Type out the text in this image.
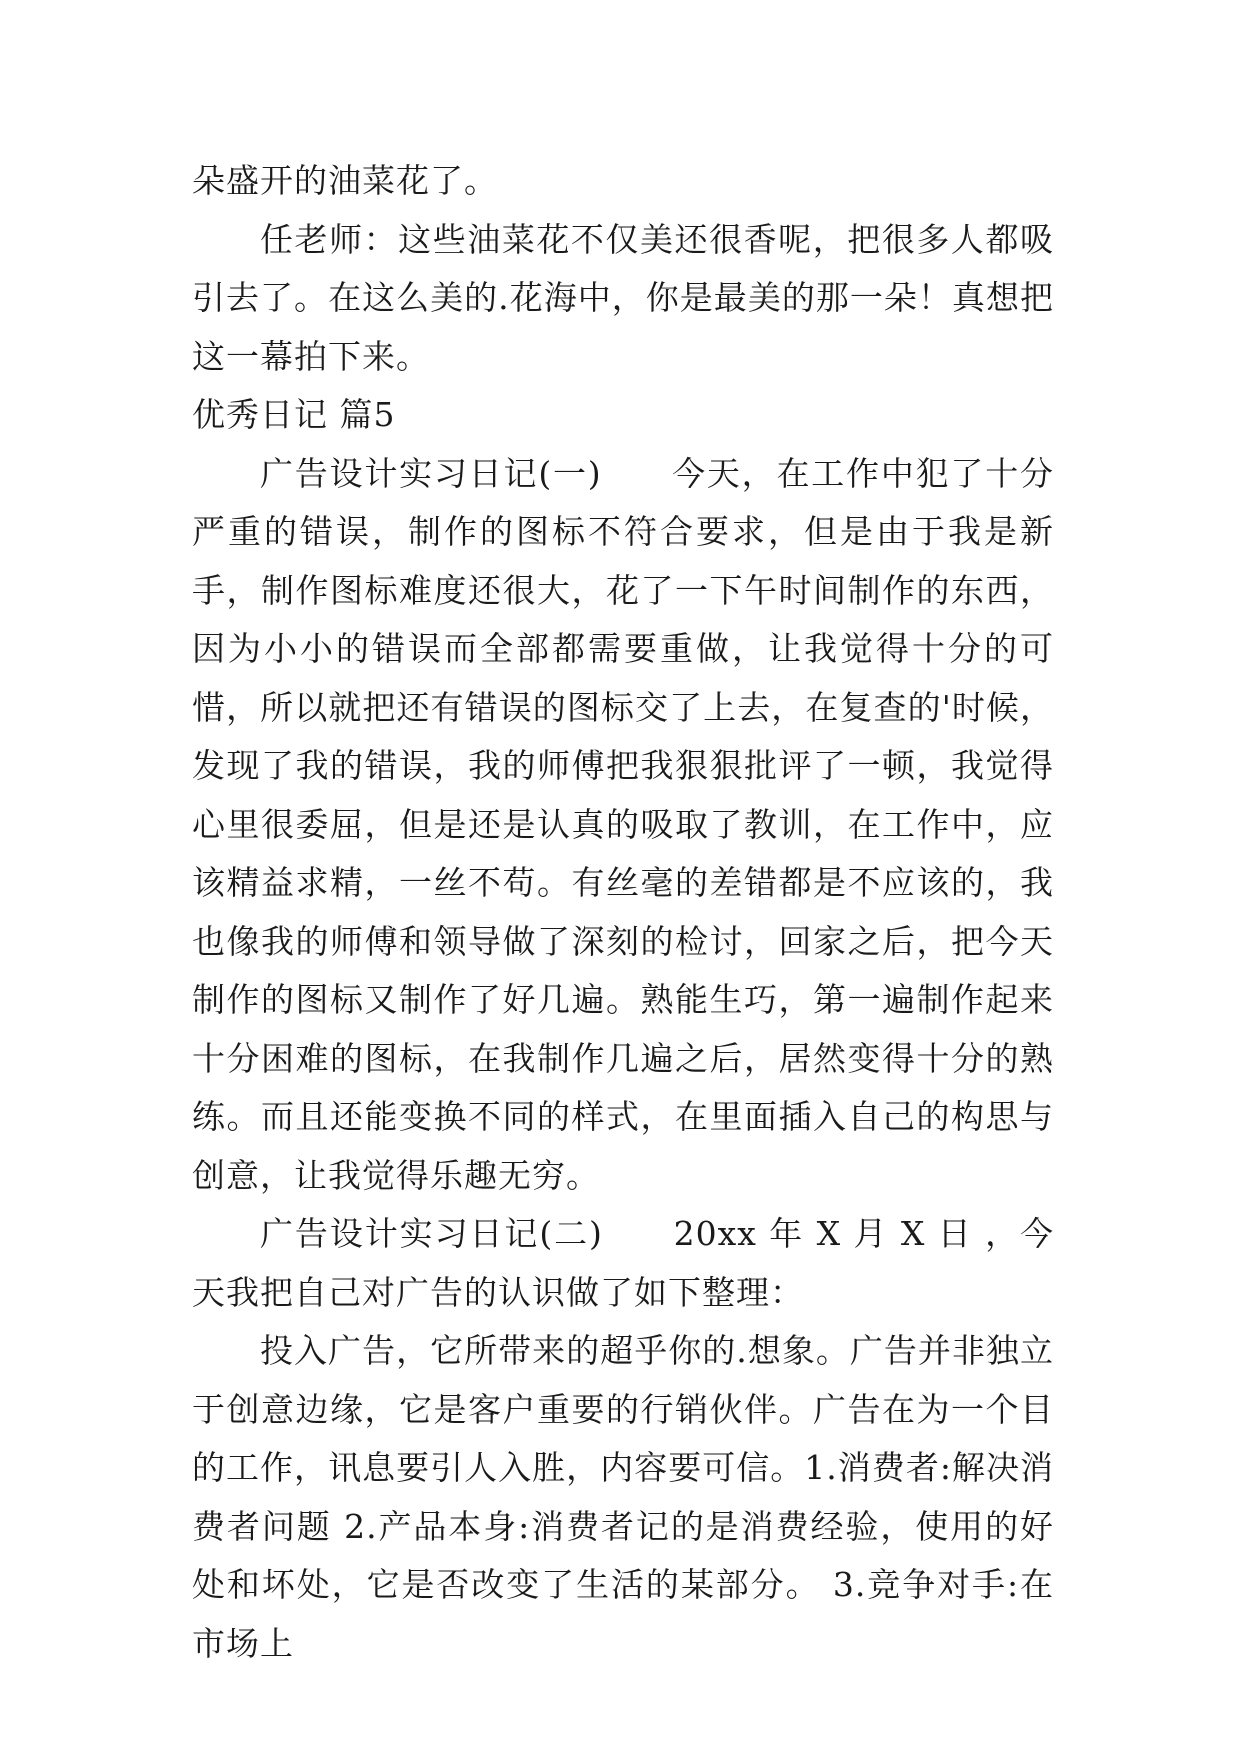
朵盛开的油菜花了。

任老师：这些油菜花不仅美还很香呢，把很多人都吸引去了。在这么美的.花海中，你是最美的那一朵！真想把这一幕拍下来。

优秀日记 篇5

广告设计实习日记(一)　　今天，在工作中犯了十分严重的错误，制作的图标不符合要求，但是由于我是新手，制作图标难度还很大，花了一下午时间制作的东西，因为小小的错误而全部都需要重做，让我觉得十分的可惜，所以就把还有错误的图标交了上去，在复查的'时候，发现了我的错误，我的师傅把我狠狠批评了一顿，我觉得心里很委屈，但是还是认真的吸取了教训，在工作中，应该精益求精，一丝不苟。有丝毫的差错都是不应该的，我也像我的师傅和领导做了深刻的检讨，回家之后，把今天制作的图标又制作了好几遍。熟能生巧，第一遍制作起来十分困难的图标，在我制作几遍之后，居然变得十分的熟练。而且还能变换不同的样式，在里面插入自己的构思与创意，让我觉得乐趣无穷。

广告设计实习日记(二)　　20xx 年 X 月 X 日 ，今天我把自己对广告的认识做了如下整理：

投入广告，它所带来的超乎你的.想象。广告并非独立于创意边缘，它是客户重要的行销伙伴。广告在为一个目的工作，讯息要引人入胜，内容要可信。1.消费者:解决消费者问题 2.产品本身:消费者记的是消费经验，使用的好处和坏处，它是否改变了生活的某部分。 3.竞争对手:在市场上
